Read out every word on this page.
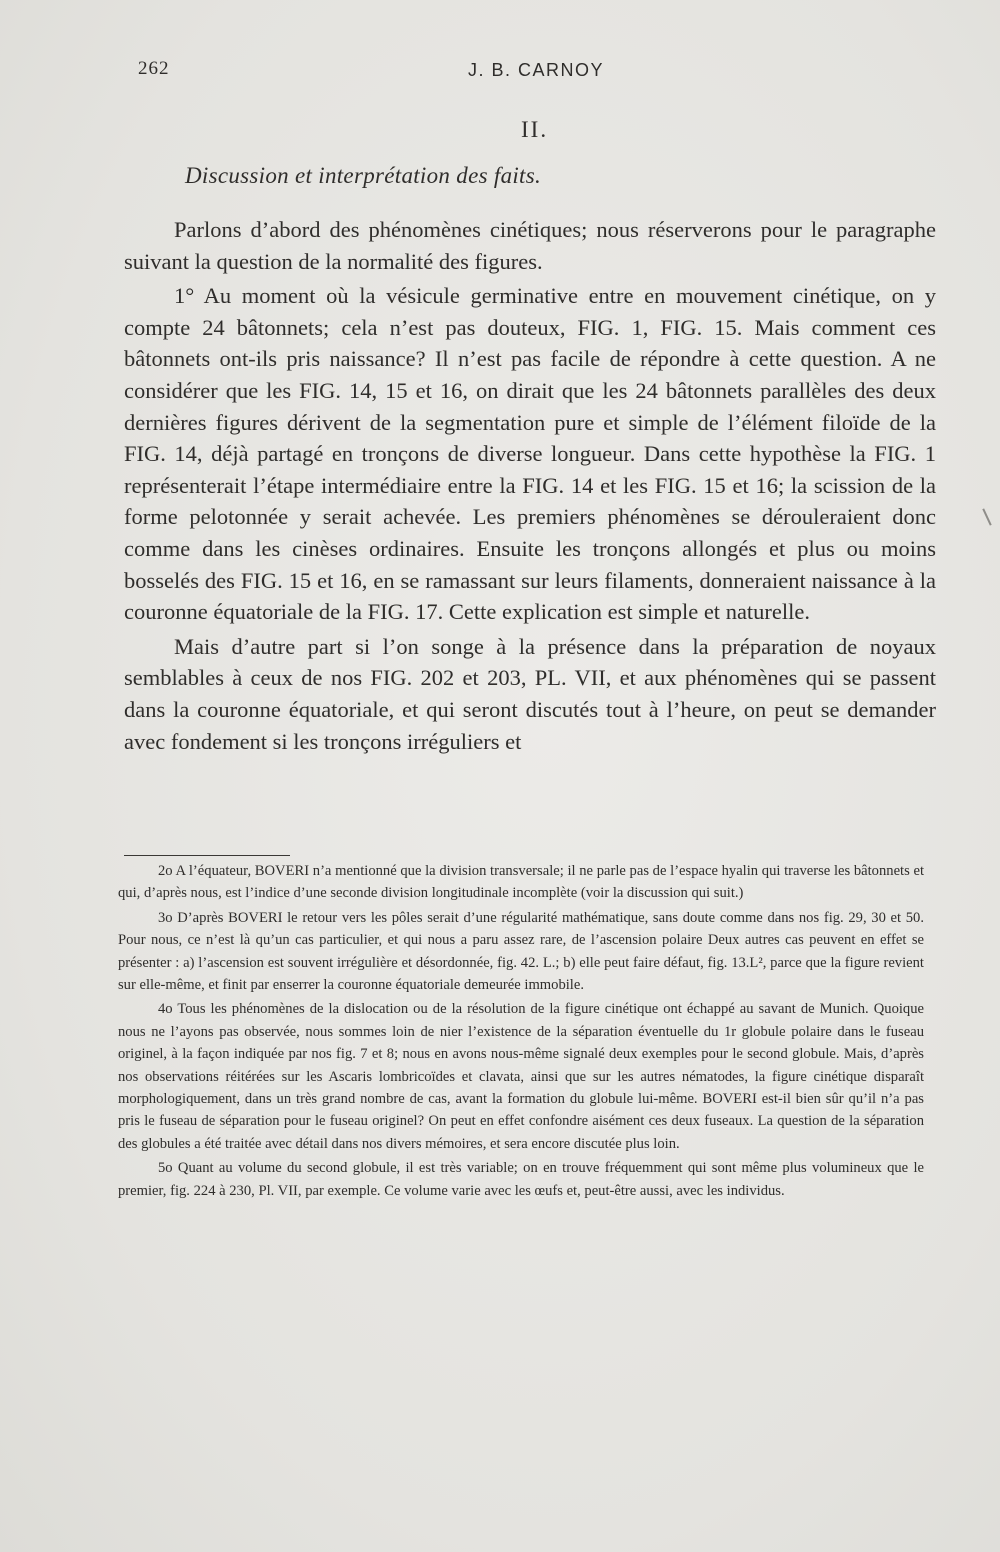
262	J. B. CARNOY
II.
Discussion et interprétation des faits.

Parlons d’abord des phénomènes cinétiques; nous réserverons pour le paragraphe suivant la question de la normalité des figures.

1° Au moment où la vésicule germinative entre en mouvement cinétique, on y compte 24 bâtonnets; cela n’est pas douteux, FIG. 1, FIG. 15. Mais comment ces bâtonnets ont-ils pris naissance? Il n’est pas facile de répondre à cette question. A ne considérer que les FIG. 14, 15 et 16, on dirait que les 24 bâtonnets parallèles des deux dernières figures dérivent de la segmentation pure et simple de l’élément filoïde de la FIG. 14, déjà partagé en tronçons de diverse longueur. Dans cette hypothèse la FIG. 1 représenterait l’étape intermédiaire entre la FIG. 14 et les FIG. 15 et 16; la scission de la forme pelotonnée y serait achevée. Les premiers phénomènes se dérouleraient donc comme dans les cinèses ordinaires. Ensuite les tronçons allongés et plus ou moins bosselés des FIG. 15 et 16, en se ramassant sur leurs filaments, donneraient naissance à la couronne équatoriale de la FIG. 17. Cette explication est simple et naturelle.

Mais d’autre part si l’on songe à la présence dans la préparation de noyaux semblables à ceux de nos FIG. 202 et 203, PL. VII, et aux phénomènes qui se passent dans la couronne équatoriale, et qui seront discutés tout à l’heure, on peut se demander avec fondement si les tronçons irréguliers et

2o A l’équateur, BOVERI n’a mentionné que la division transversale; il ne parle pas de l’espace hyalin qui traverse les bâtonnets et qui, d’après nous, est l’indice d’une seconde division longitudinale incomplète (voir la discussion qui suit.)

3o D’après BOVERI le retour vers les pôles serait d’une régularité mathématique, sans doute comme dans nos fig. 29, 30 et 50. Pour nous, ce n’est là qu’un cas particulier, et qui nous a paru assez rare, de l’ascension polaire Deux autres cas peuvent en effet se présenter : a) l’ascension est souvent irrégulière et désordonnée, fig. 42. L.; b) elle peut faire défaut, fig. 13.L², parce que la figure revient sur elle-même, et finit par enserrer la couronne équatoriale demeurée immobile.

4o Tous les phénomènes de la dislocation ou de la résolution de la figure cinétique ont échappé au savant de Munich. Quoique nous ne l’ayons pas observée, nous sommes loin de nier l’existence de la séparation éventuelle du 1r globule polaire dans le fuseau originel, à la façon indiquée par nos fig. 7 et 8; nous en avons nous-même signalé deux exemples pour le second globule. Mais, d’après nos observations réitérées sur les Ascaris lombricoïdes et clavata, ainsi que sur les autres nématodes, la figure cinétique disparaît morphologiquement, dans un très grand nombre de cas, avant la formation du globule lui-même. BOVERI est-il bien sûr qu’il n’a pas pris le fuseau de séparation pour le fuseau originel? On peut en effet confondre aisément ces deux fuseaux. La question de la séparation des globules a été traitée avec détail dans nos divers mémoires, et sera encore discutée plus loin.

5o Quant au volume du second globule, il est très variable; on en trouve fréquemment qui sont même plus volumineux que le premier, fig. 224 à 230, Pl. VII, par exemple. Ce volume varie avec les œufs et, peut-être aussi, avec les individus.
